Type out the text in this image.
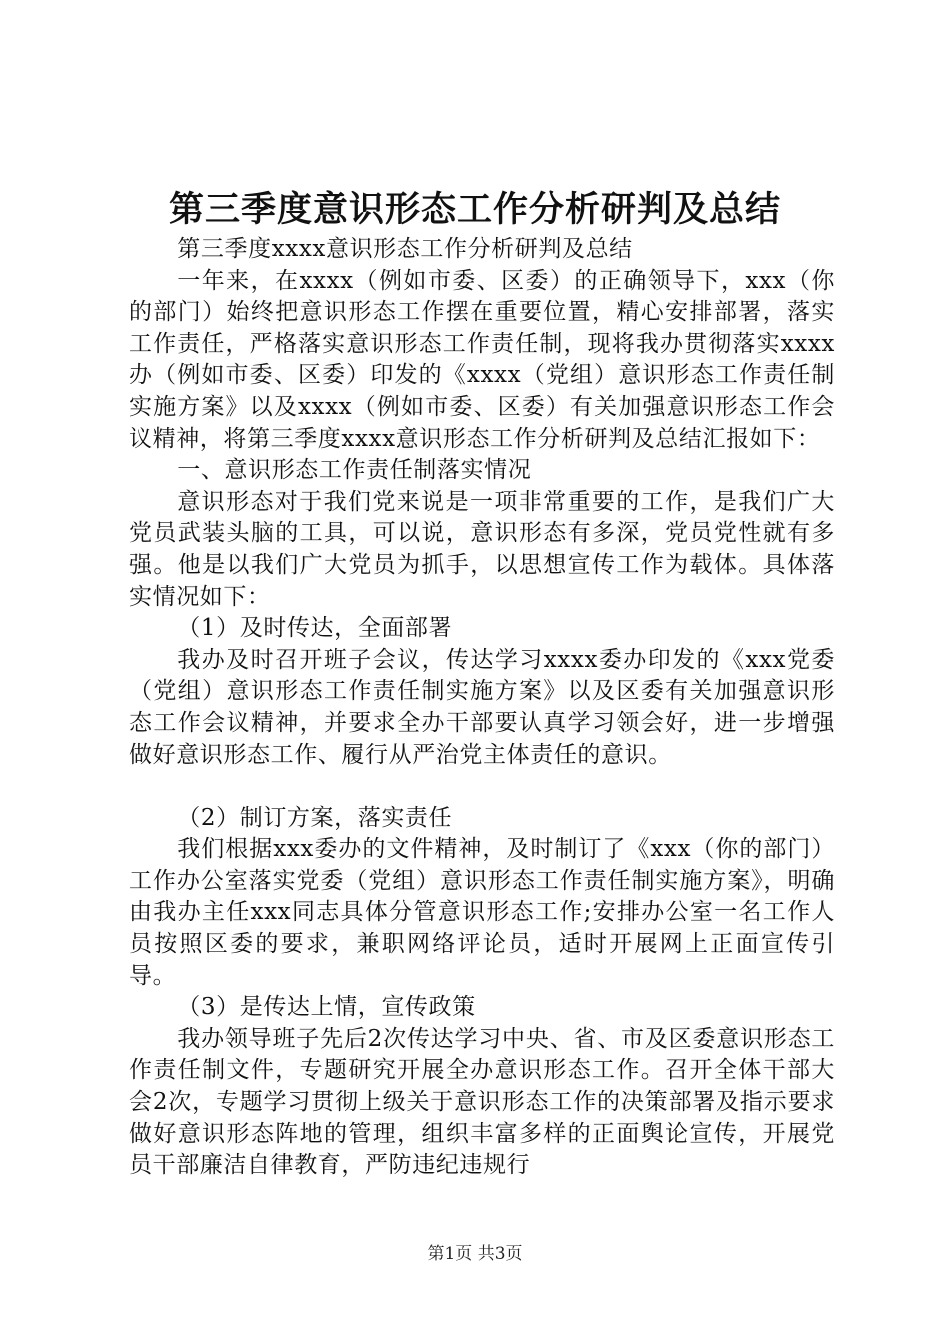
第三季度意识形态工作分析研判及总结

第三季度xxxx意识形态工作分析研判及总结

一年来，在xxxx（例如市委、区委）的正确领导下，xxx（你的部门）始终把意识形态工作摆在重要位置，精心安排部署，落实工作责任，严格落实意识形态工作责任制，现将我办贯彻落实xxxx办（例如市委、区委）印发的《xxxx（党组）意识形态工作责任制实施方案》以及xxxx（例如市委、区委）有关加强意识形态工作会议精神，将第三季度xxxx意识形态工作分析研判及总结汇报如下：

一、意识形态工作责任制落实情况

意识形态对于我们党来说是一项非常重要的工作，是我们广大党员武装头脑的工具，可以说，意识形态有多深，党员党性就有多强。他是以我们广大党员为抓手，以思想宣传工作为载体。具体落实情况如下：

（1）及时传达，全面部署

我办及时召开班子会议，传达学习xxxx委办印发的《xxx党委（党组）意识形态工作责任制实施方案》以及区委有关加强意识形态工作会议精神，并要求全办干部要认真学习领会好，进一步增强做好意识形态工作、履行从严治党主体责任的意识。

（2）制订方案，落实责任

我们根据xxx委办的文件精神，及时制订了《xxx（你的部门）工作办公室落实党委（党组）意识形态工作责任制实施方案》，明确由我办主任xxx同志具体分管意识形态工作;安排办公室一名工作人员按照区委的要求，兼职网络评论员，适时开展网上正面宣传引导。

（3）是传达上情，宣传政策

我办领导班子先后2次传达学习中央、省、市及区委意识形态工作责任制文件，专题研究开展全办意识形态工作。召开全体干部大会2次，专题学习贯彻上级关于意识形态工作的决策部署及指示要求做好意识形态阵地的管理，组织丰富多样的正面舆论宣传，开展党员干部廉洁自律教育，严防违纪违规行

第1页 共3页
